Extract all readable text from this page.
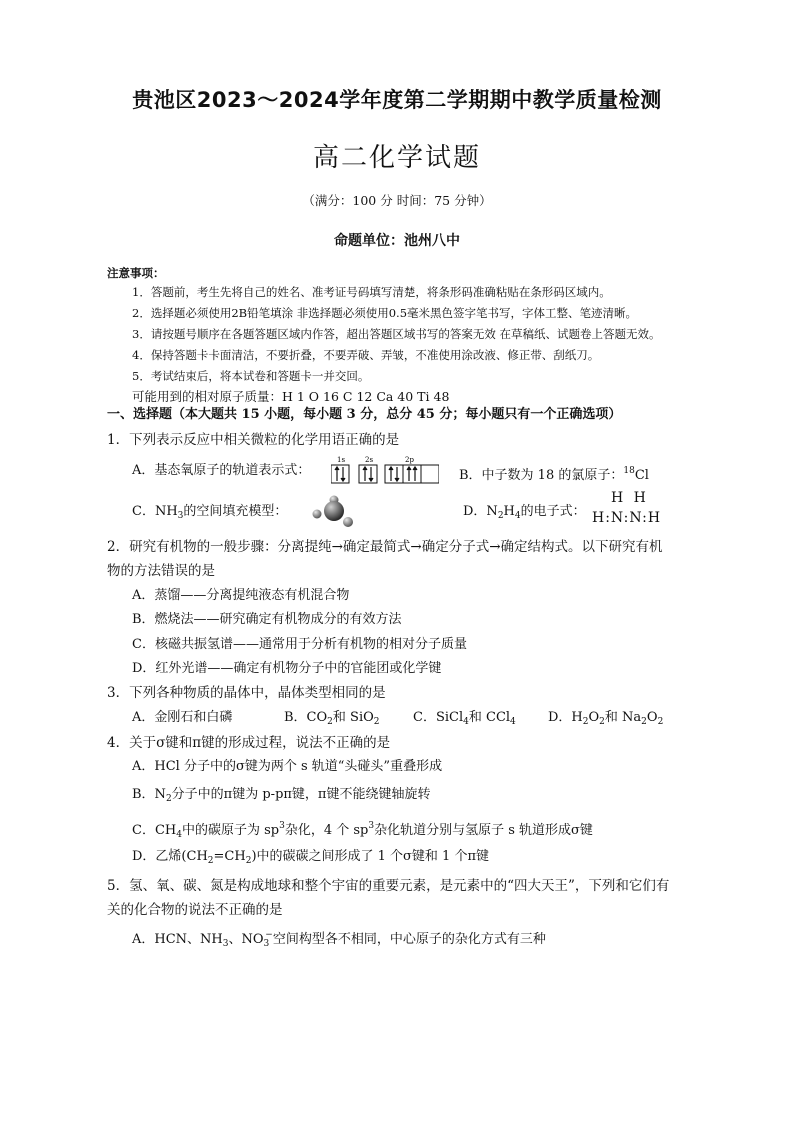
贵池区2023～2024学年度第二学期期中教学质量检测
高二化学试题
（满分：100 分 时间：75 分钟）
命题单位：池州八中
注意事项：
1．答题前，考生先将自己的姓名、准考证号码填写清楚，将条形码准确粘贴在条形码区域内。
2．选择题必须使用2B铅笔填涂 非选择题必须使用0.5毫米黑色签字笔书写，字体工整、笔迹清晰。
3．请按题号顺序在各题答题区域内作答，超出答题区域书写的答案无效 在草稿纸、试题卷上答题无效。
4．保持答题卡卡面清洁，不要折叠，不要弄破、弄皱，不准使用涂改液、修正带、刮纸刀。
5．考试结束后，将本试卷和答题卡一并交回。
可能用到的相对原子质量：H 1 O 16 C 12 Ca 40 Ti 48
一、选择题（本大题共 15 小题，每小题 3 分，总分 45 分；每小题只有一个正确选项）
1．下列表示反应中相关微粒的化学用语正确的是
A．基态氧原子的轨道表示式：
1s	2s	2p
B．中子数为 18 的氯原子：$^{18}$Cl
C．$NH_3$的空间填充模型：	D．$N_2H_4$的电子式：
H H
H:N:N:H
2．研究有机物的一般步骤：分离提纯→确定最简式→确定分子式→确定结构式。以下研究有机
物的方法错误的是
A．蒸馏——分离提纯液态有机混合物
B．燃烧法——研究确定有机物成分的有效方法
C．核磁共振氢谱——通常用于分析有机物的相对分子质量
D．红外光谱——确定有机物分子中的官能团或化学键
3．下列各种物质的晶体中，晶体类型相同的是
A．金刚石和白磷	B．$CO_2$和 SiO$_2$	C．SiCl$_4$和 CCl$_4$ D．$H_2O_2$和 $Na_2O_2$
4．关于σ键和π键的形成过程，说法不正确的是
A．HCl 分子中的σ键为两个 s 轨道“头碰头”重叠形成
B．$N_2$分子中的π键为 p-pπ键，π键不能绕键轴旋转
C．$CH_4$中的碳原子为 $sp^3$杂化，4 个 $sp^3$杂化轨道分别与氢原子 s 轨道形成σ键
D．乙烯$(CH_2=CH_2)$中的碳碳之间形成了 1 个σ键和 1 个π键
5．氢、氧、碳、氮是构成地球和整个宇宙的重要元素，是元素中的“四大天王”，下列和它们有
关的化合物的说法不正确的是
A．HCN、$NH_3$、$NO_3^-$空间构型各不相同，中心原子的杂化方式有三种
